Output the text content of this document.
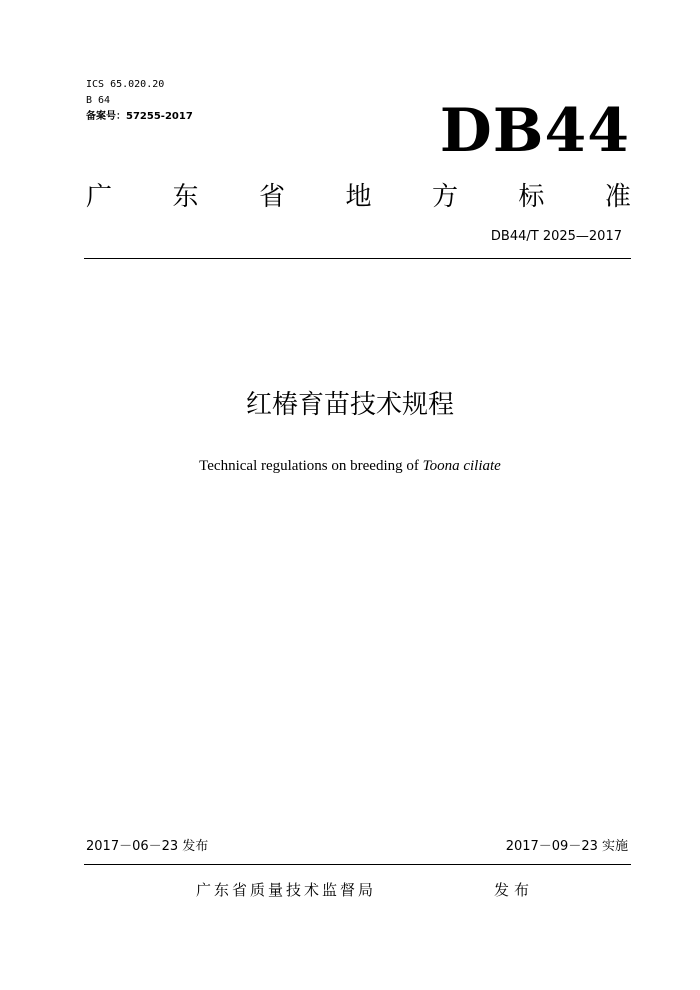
ICS 65.020.20
B 64
备案号：57255-2017	DB44
广 东 省 地 方 标 准
DB44/T 2025—2017
红椿育苗技术规程
Technical regulations on breeding of Toona ciliate
2017－06－23 发布	2017－09－23 实施
广东省质量技术监督局	发布
